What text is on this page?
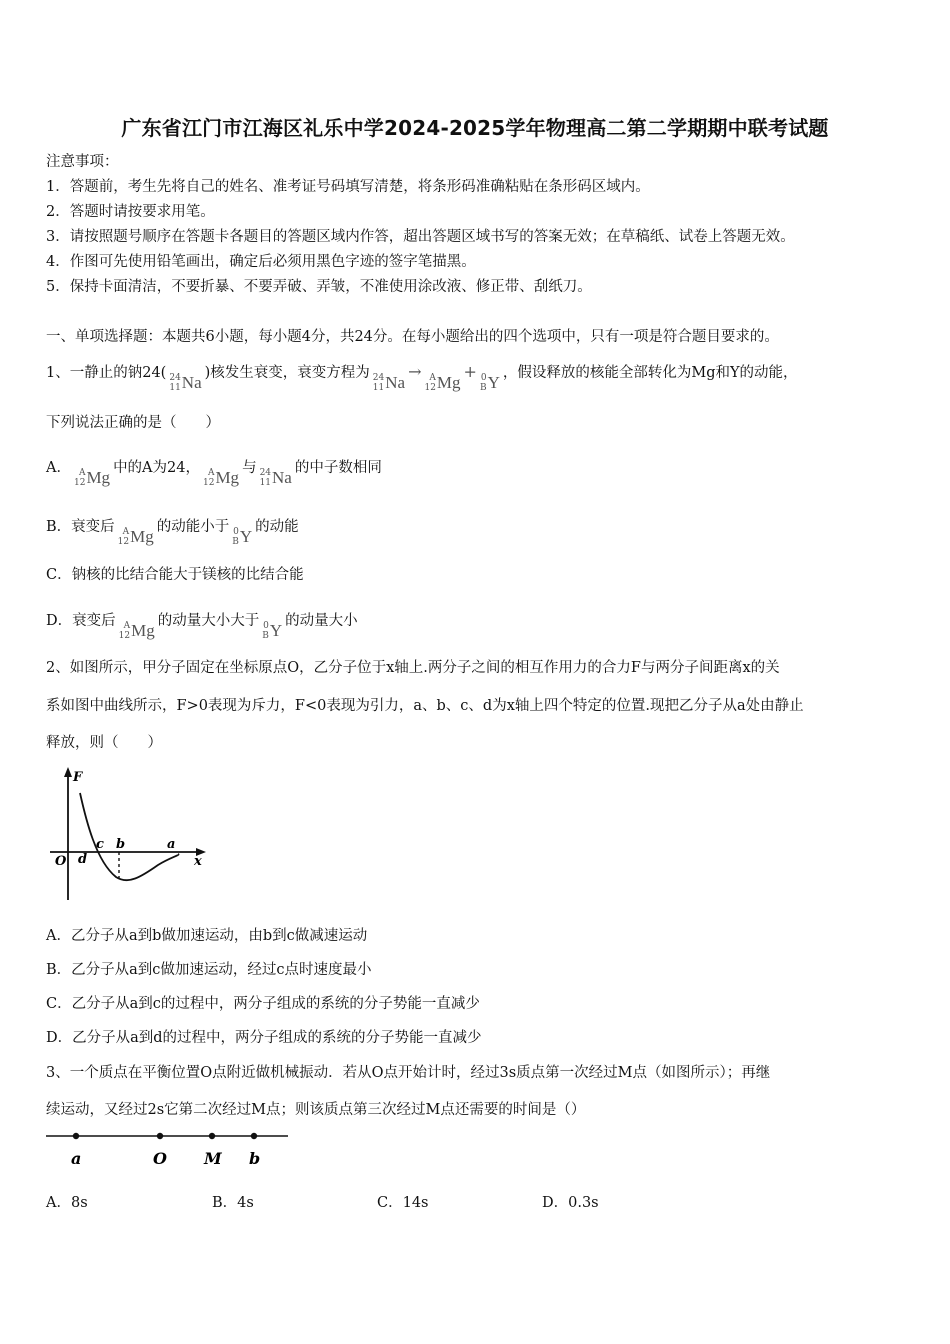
广东省江门市江海区礼乐中学2024-2025学年物理高二第二学期期中联考试题
注意事项：
1．答题前，考生先将自己的姓名、准考证号码填写清楚，将条形码准确粘贴在条形码区域内。
2．答题时请按要求用笔。
3．请按照题号顺序在答题卡各题目的答题区域内作答，超出答题区域书写的答案无效；在草稿纸、试卷上答题无效。
4．作图可先使用铅笔画出，确定后必须用黑色字迹的签字笔描黑。
5．保持卡面清洁，不要折暴、不要弄破、弄皱，不准使用涂改液、修正带、刮纸刀。
一、单项选择题：本题共6小题，每小题4分，共24分。在每小题给出的四个选项中，只有一项是符合题目要求的。
1、一静止的钠24( 24
11 Na )核发生衰变，衰变方程为 24
11 Na
→ A
12 Mg
+ 0
B Y ，假设释放的核能全部转化为Mg和Y的动能，
下列说法正确的是（　　）
A． A
12 Mg 中的A为24， A
12 Mg 与 24
11 Na 的中子数相同
B．衰变后 A
12 Mg 的动能小于 0
B Y 的动能
C．钠核的比结合能大于镁核的比结合能
D．衰变后 A
12 Mg 的动量大小大于 0
B Y 的动量大小
2、如图所示，甲分子固定在坐标原点O，乙分子位于x轴上.两分子之间的相互作用力的合力F与两分子间距离x的关
系如图中曲线所示，F>0表现为斥力，F<0表现为引力，a、b、c、d为x轴上四个特定的位置.现把乙分子从a处由静止
释放，则（　　）
F
x
O d
c b	a
A．乙分子从a到b做加速运动，由b到c做减速运动
B．乙分子从a到c做加速运动，经过c点时速度最小
C．乙分子从a到c的过程中，两分子组成的系统的分子势能一直减少
D．乙分子从a到d的过程中，两分子组成的系统的分子势能一直减少
3、一个质点在平衡位置O点附近做机械振动．若从O点开始计时，经过3s质点第一次经过M点（如图所示）；再继
续运动，又经过2s它第二次经过M点；则该质点第三次经过M点还需要的时间是（）
a	O M b
A．8s	B．4s	C．14s	D．0.3s
